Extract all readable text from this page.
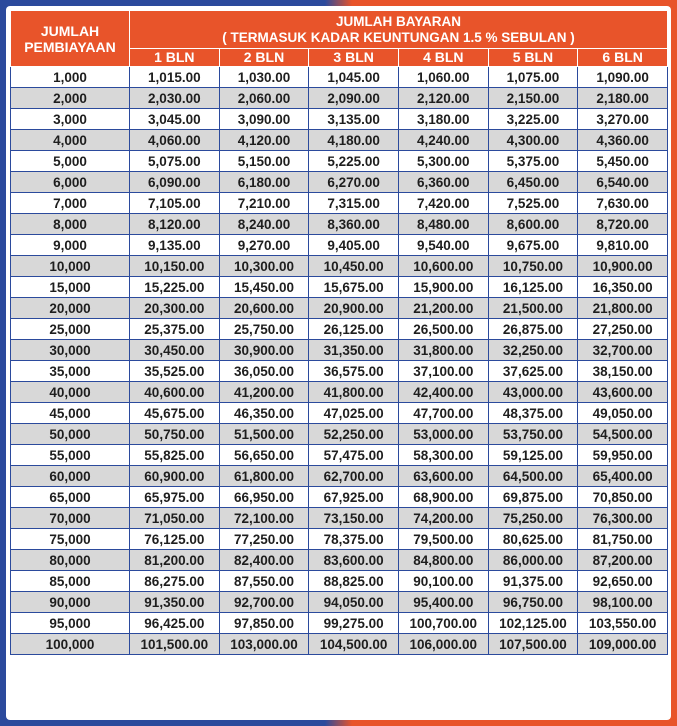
JUMLAH
PEMBIAYAAN	JUMLAH BAYARAN
( TERMASUK KADAR KEUNTUNGAN 1.5 % SEBULAN )					

	1 BLN	2 BLN	3 BLN	4 BLN	5 BLN	6 BLN
1,000	1,015.00	1,030.00	1,045.00	1,060.00	1,075.00	1,090.00
2,000	2,030.00	2,060.00	2,090.00	2,120.00	2,150.00	2,180.00
3,000	3,045.00	3,090.00	3,135.00	3,180.00	3,225.00	3,270.00
4,000	4,060.00	4,120.00	4,180.00	4,240.00	4,300.00	4,360.00
5,000	5,075.00	5,150.00	5,225.00	5,300.00	5,375.00	5,450.00
6,000	6,090.00	6,180.00	6,270.00	6,360.00	6,450.00	6,540.00
7,000	7,105.00	7,210.00	7,315.00	7,420.00	7,525.00	7,630.00
8,000	8,120.00	8,240.00	8,360.00	8,480.00	8,600.00	8,720.00
9,000	9,135.00	9,270.00	9,405.00	9,540.00	9,675.00	9,810.00
10,000	10,150.00	10,300.00	10,450.00	10,600.00	10,750.00	10,900.00
15,000	15,225.00	15,450.00	15,675.00	15,900.00	16,125.00	16,350.00
20,000	20,300.00	20,600.00	20,900.00	21,200.00	21,500.00	21,800.00
25,000	25,375.00	25,750.00	26,125.00	26,500.00	26,875.00	27,250.00
30,000	30,450.00	30,900.00	31,350.00	31,800.00	32,250.00	32,700.00
35,000	35,525.00	36,050.00	36,575.00	37,100.00	37,625.00	38,150.00
40,000	40,600.00	41,200.00	41,800.00	42,400.00	43,000.00	43,600.00
45,000	45,675.00	46,350.00	47,025.00	47,700.00	48,375.00	49,050.00
50,000	50,750.00	51,500.00	52,250.00	53,000.00	53,750.00	54,500.00
55,000	55,825.00	56,650.00	57,475.00	58,300.00	59,125.00	59,950.00
60,000	60,900.00	61,800.00	62,700.00	63,600.00	64,500.00	65,400.00
65,000	65,975.00	66,950.00	67,925.00	68,900.00	69,875.00	70,850.00
70,000	71,050.00	72,100.00	73,150.00	74,200.00	75,250.00	76,300.00
75,000	76,125.00	77,250.00	78,375.00	79,500.00	80,625.00	81,750.00
80,000	81,200.00	82,400.00	83,600.00	84,800.00	86,000.00	87,200.00
85,000	86,275.00	87,550.00	88,825.00	90,100.00	91,375.00	92,650.00
90,000	91,350.00	92,700.00	94,050.00	95,400.00	96,750.00	98,100.00
95,000	96,425.00	97,850.00	99,275.00	100,700.00	102,125.00	103,550.00
100,000	101,500.00	103,000.00	104,500.00	106,000.00	107,500.00	109,000.00
